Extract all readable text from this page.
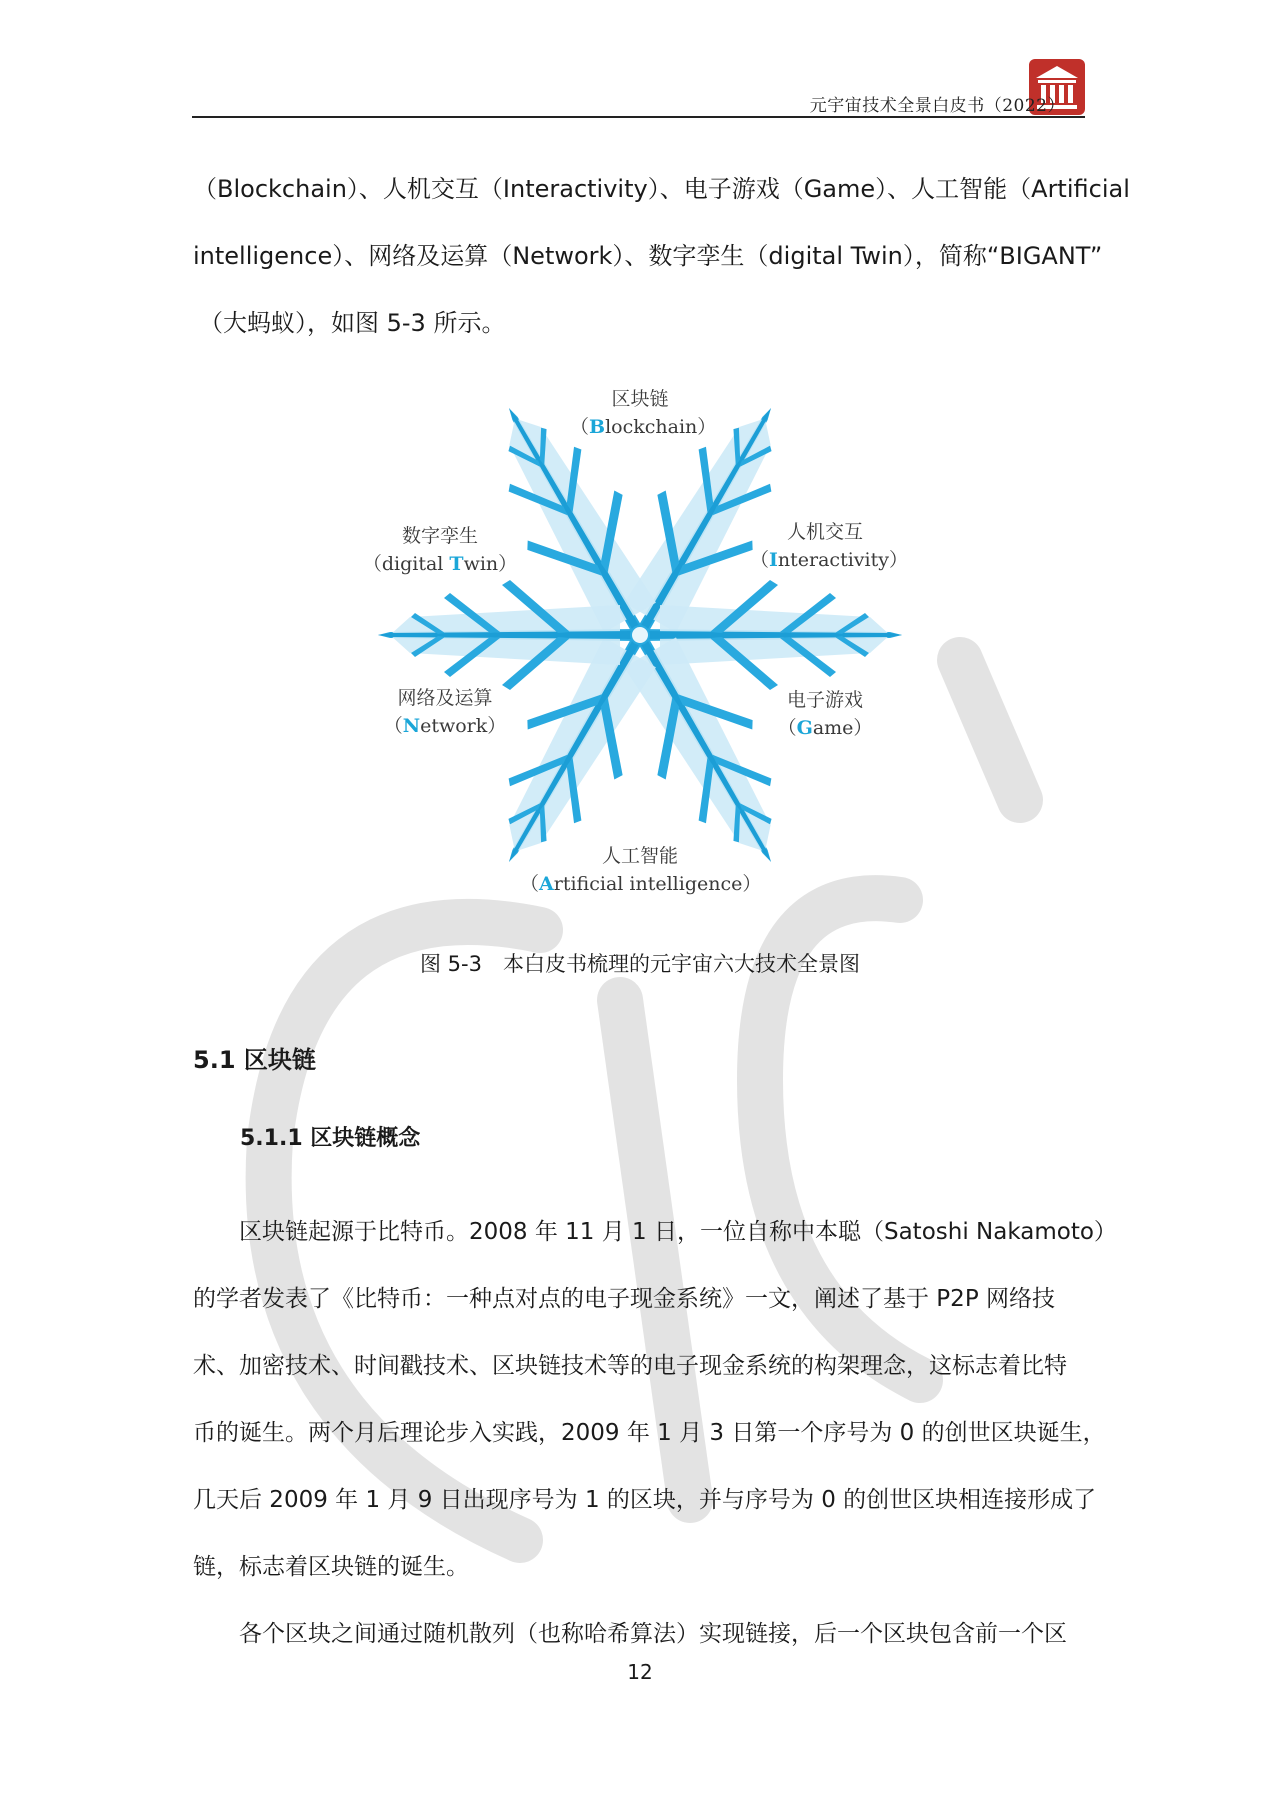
元宇宙技术全景白皮书（2022）

（Blockchain）、人机交互（Interactivity）、电子游戏（Game）、人工智能（Artificial

intelligence）、网络及运算（Network）、数字孪生（digital Twin），简称“BIGANT”

（大蚂蚁），如图 5-3 所示。

区块链
（Blockchain）
人机交互
（Interactivity）
电子游戏
（Game）
人工智能
（Artificial intelligence）
网络及运算
（Network）
数字孪生
（digital Twin）
图 5-3　本白皮书梳理的元宇宙六大技术全景图
5.1 区块链
5.1.1 区块链概念

　　区块链起源于比特币。2008 年 11 月 1 日，一位自称中本聪（Satoshi Nakamoto）

的学者发表了《比特币：一种点对点的电子现金系统》一文，阐述了基于 P2P 网络技

术、加密技术、时间戳技术、区块链技术等的电子现金系统的构架理念，这标志着比特

币的诞生。两个月后理论步入实践，2009 年 1 月 3 日第一个序号为 0 的创世区块诞生，

几天后 2009 年 1 月 9 日出现序号为 1 的区块，并与序号为 0 的创世区块相连接形成了

链，标志着区块链的诞生。

　　各个区块之间通过随机散列（也称哈希算法）实现链接，后一个区块包含前一个区

12
